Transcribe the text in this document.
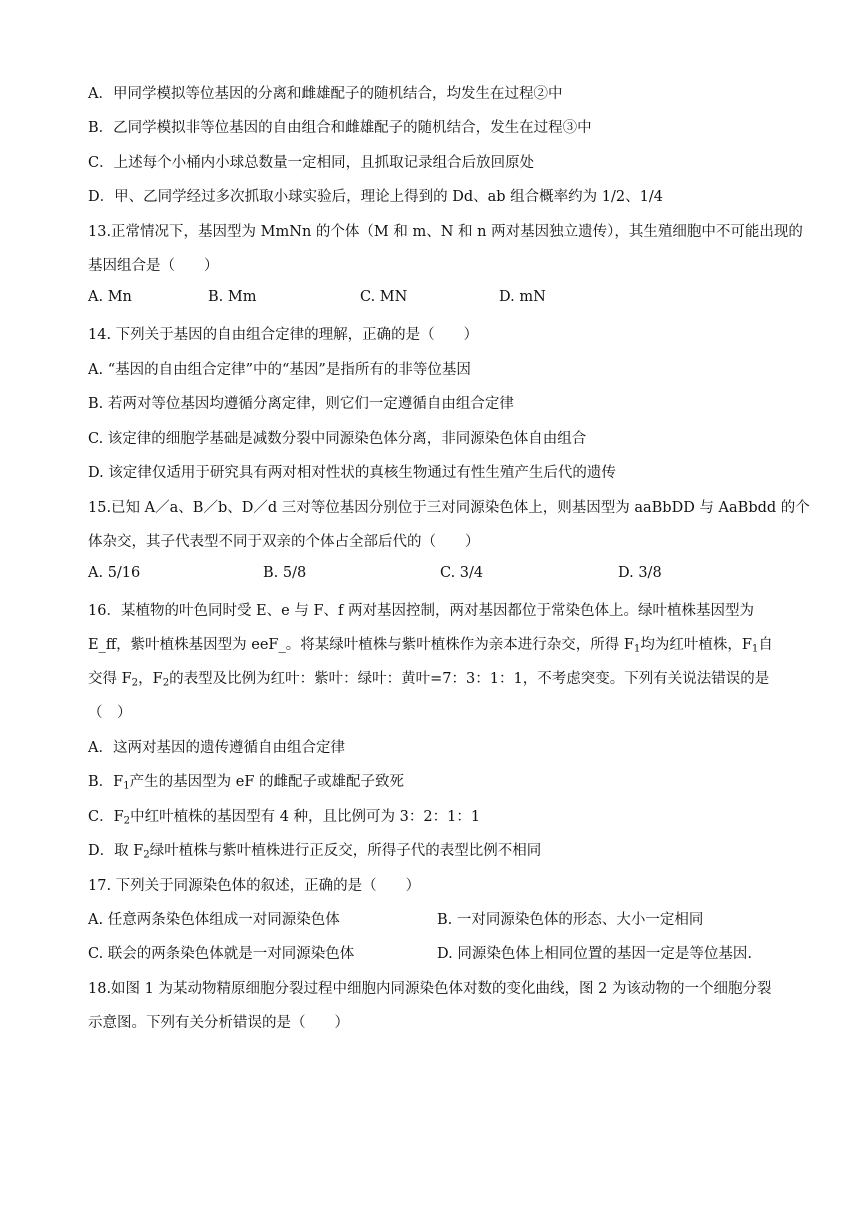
A．甲同学模拟等位基因的分离和雌雄配子的随机结合，均发生在过程②中
B．乙同学模拟非等位基因的自由组合和雌雄配子的随机结合，发生在过程③中
C．上述每个小桶内小球总数量一定相同，且抓取记录组合后放回原处
D．甲、乙同学经过多次抓取小球实验后，理论上得到的 Dd、ab 组合概率约为 1/2、1/4
13.正常情况下，基因型为 MmNn 的个体（M 和 m、N 和 n 两对基因独立遗传），其生殖细胞中不可能出现的
基因组合是（　　）
A. Mn	B. Mm	C. MN	D. mN
14. 下列关于基因的自由组合定律的理解，正确的是（　　）
A. “基因的自由组合定律”中的“基因”是指所有的非等位基因
B. 若两对等位基因均遵循分离定律，则它们一定遵循自由组合定律
C. 该定律的细胞学基础是减数分裂中同源染色体分离，非同源染色体自由组合
D. 该定律仅适用于研究具有两对相对性状的真核生物通过有性生殖产生后代的遗传
15.已知 A／a、B／b、D／d 三对等位基因分别位于三对同源染色体上，则基因型为 aaBbDD 与 AaBbdd 的个
体杂交，其子代表型不同于双亲的个体占全部后代的（　　）
A. 5/16	B. 5/8	C. 3/4	D. 3/8
16．某植物的叶色同时受 E、e 与 F、f 两对基因控制，两对基因都位于常染色体上。绿叶植株基因型为
E_ff，紫叶植株基因型为 eeF_。将某绿叶植株与紫叶植株作为亲本进行杂交，所得 $F_1$均为红叶植株，$F_1$自
交得 $F_2$，$F_2$的表型及比例为红叶：紫叶：绿叶：黄叶=7：3：1：1，不考虑突变。下列有关说法错误的是
（　）
A．这两对基因的遗传遵循自由组合定律
B．$F_1$产生的基因型为 eF 的雌配子或雄配子致死
C．$F_2$中红叶植株的基因型有 4 种，且比例可为 3：2：1：1
D．取 $F_2$绿叶植株与紫叶植株进行正反交，所得子代的表型比例不相同
17. 下列关于同源染色体的叙述，正确的是（　　）
A. 任意两条染色体组成一对同源染色体	B. 一对同源染色体的形态、大小一定相同
C. 联会的两条染色体就是一对同源染色体	D. 同源染色体上相同位置的基因一定是等位基因.
18.如图 1 为某动物精原细胞分裂过程中细胞内同源染色体对数的变化曲线，图 2 为该动物的一个细胞分裂
示意图。下列有关分析错误的是（　　）
